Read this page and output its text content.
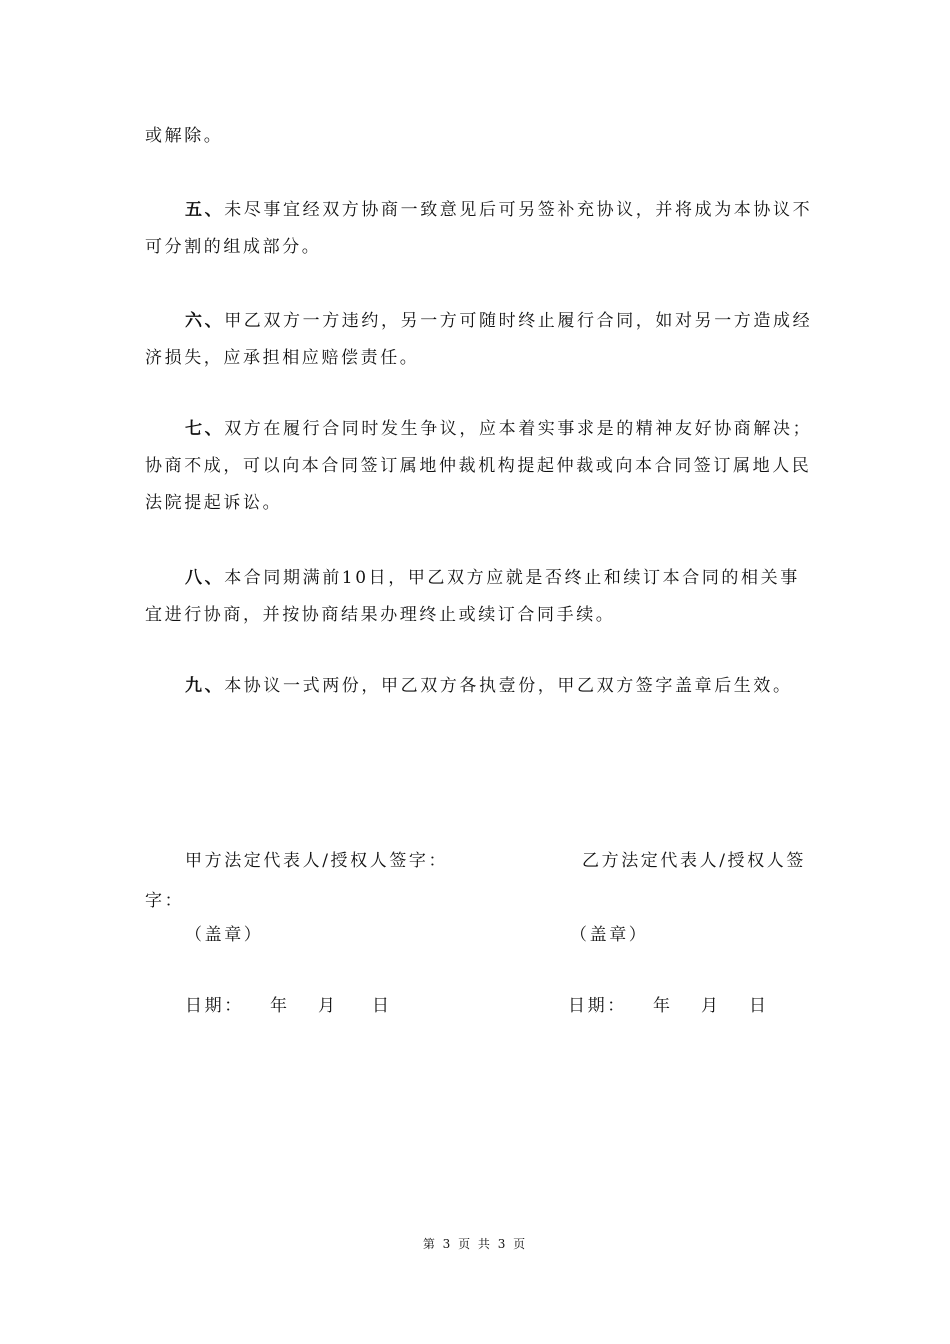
或解除。
五、未尽事宜经双方协商一致意见后可另签补充协议，并将成为本协议不可分割的组成部分。
六、甲乙双方一方违约，另一方可随时终止履行合同，如对另一方造成经济损失，应承担相应赔偿责任。
七、双方在履行合同时发生争议，应本着实事求是的精神友好协商解决；协商不成，可以向本合同签订属地仲裁机构提起仲裁或向本合同签订属地人民法院提起诉讼。
八、本合同期满前10日，甲乙双方应就是否终止和续订本合同的相关事宜进行协商，并按协商结果办理终止或续订合同手续。
九、本协议一式两份，甲乙双方各执壹份，甲乙双方签字盖章后生效。
甲方法定代表人/授权人签字：	乙方法定代表人/授权人签
字：
（盖章）	（盖章）
日期： 年 月 日	日期： 年 月 日
第 3 页 共 3 页
